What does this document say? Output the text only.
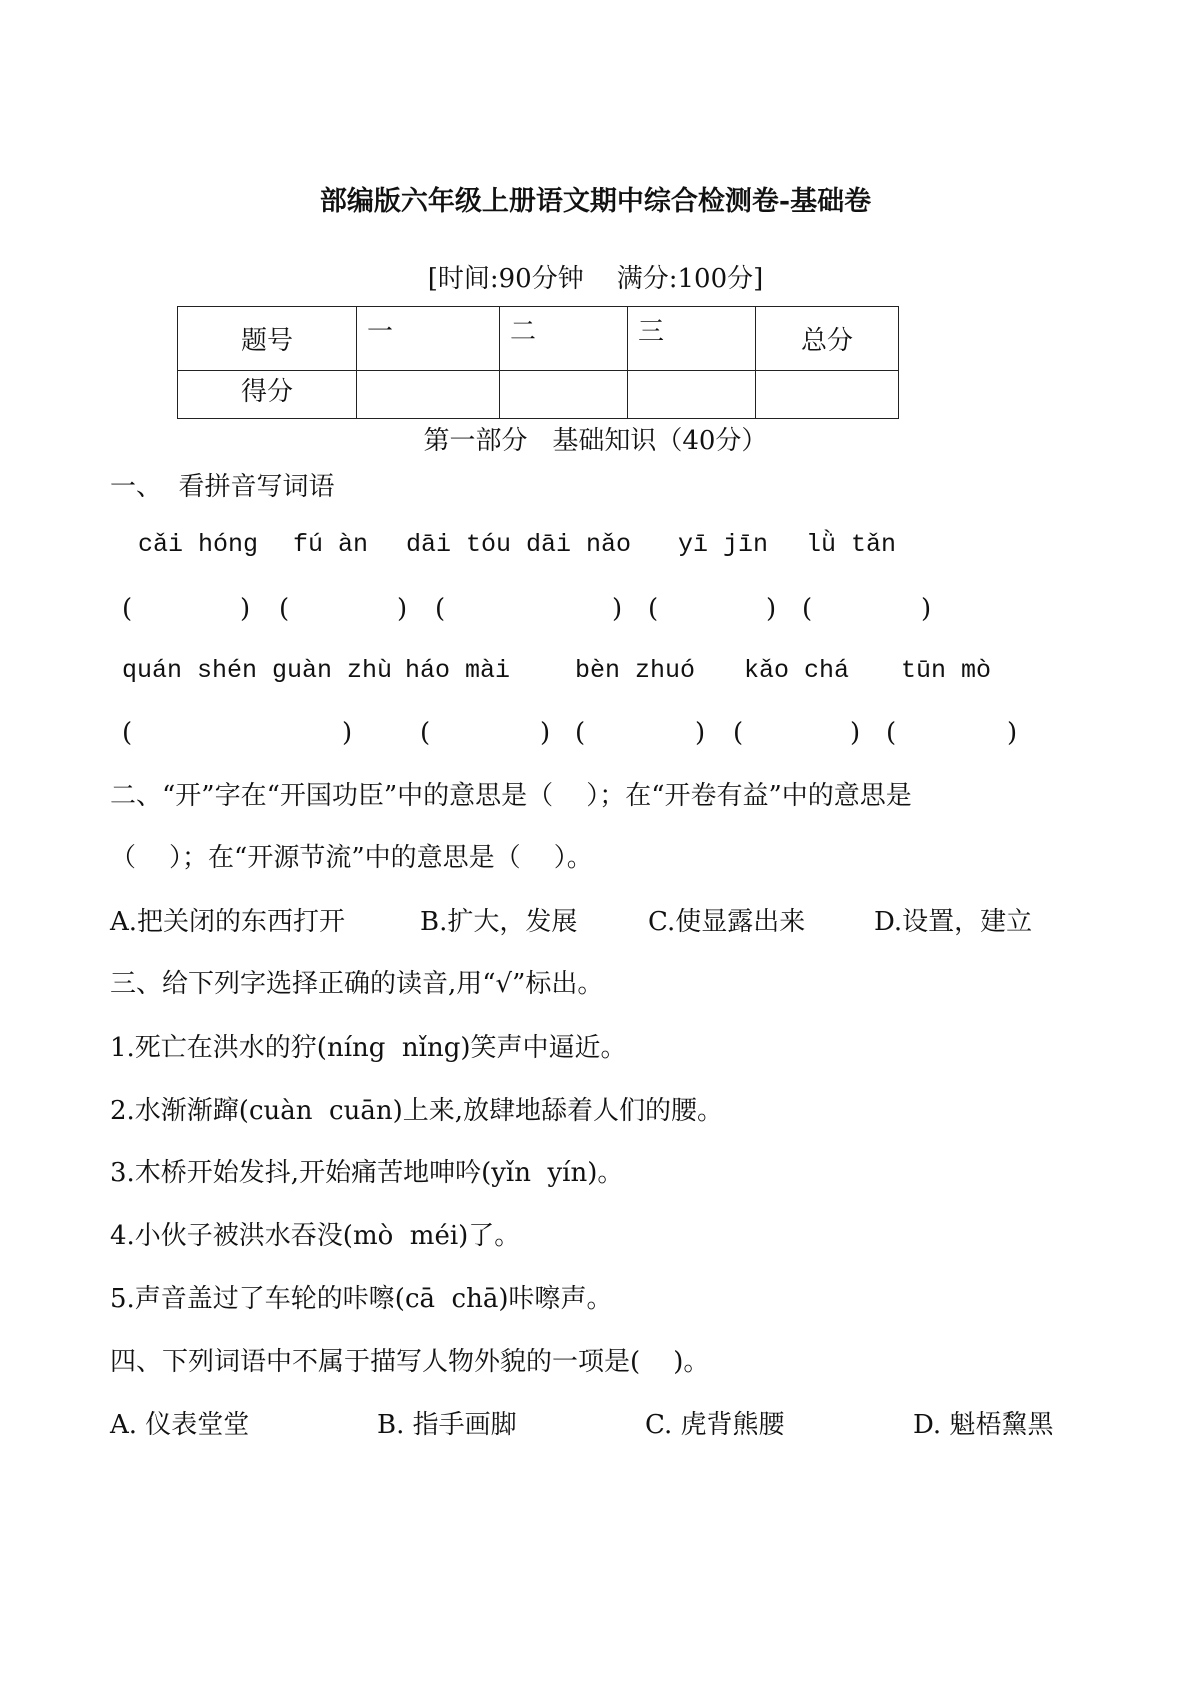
部编版六年级上册语文期中综合检测卷-基础卷
[时间:90分钟    满分:100分]
题号	一	二	三	总分
得分				
第一部分   基础知识（40分）
一、  看拼音写词语
cǎi hóng fú àn dāi tóu dāi nǎo yī jīn lǜ tǎn
quán shén guàn zhù háo mài	bèn zhuó kǎo chá tūn mò
(	) (	) (	) (	) (	)
(	)	(	) (	) (	) (	)
二、“开”字在“开国功臣”中的意思是（    ）；在“开卷有益”中的意思是
（    ）；在“开源节流”中的意思是（    ）。
A.把关闭的东西打开	B.扩大，发展	C.使显露出来	D.设置，建立
三、给下列字选择正确的读音,用“√”标出。
1.死亡在洪水的狞(níng  nǐng)笑声中逼近。
2.水渐渐蹿(cuàn  cuān)上来,放肆地舔着人们的腰。
3.木桥开始发抖,开始痛苦地呻吟(yǐn  yín)。
4.小伙子被洪水吞没(mò  méi)了。
5.声音盖过了车轮的咔嚓(cā  chā)咔嚓声。
四、下列词语中不属于描写人物外貌的一项是(    )。
A. 仪表堂堂	B. 指手画脚	C. 虎背熊腰	D. 魁梧黧黑
